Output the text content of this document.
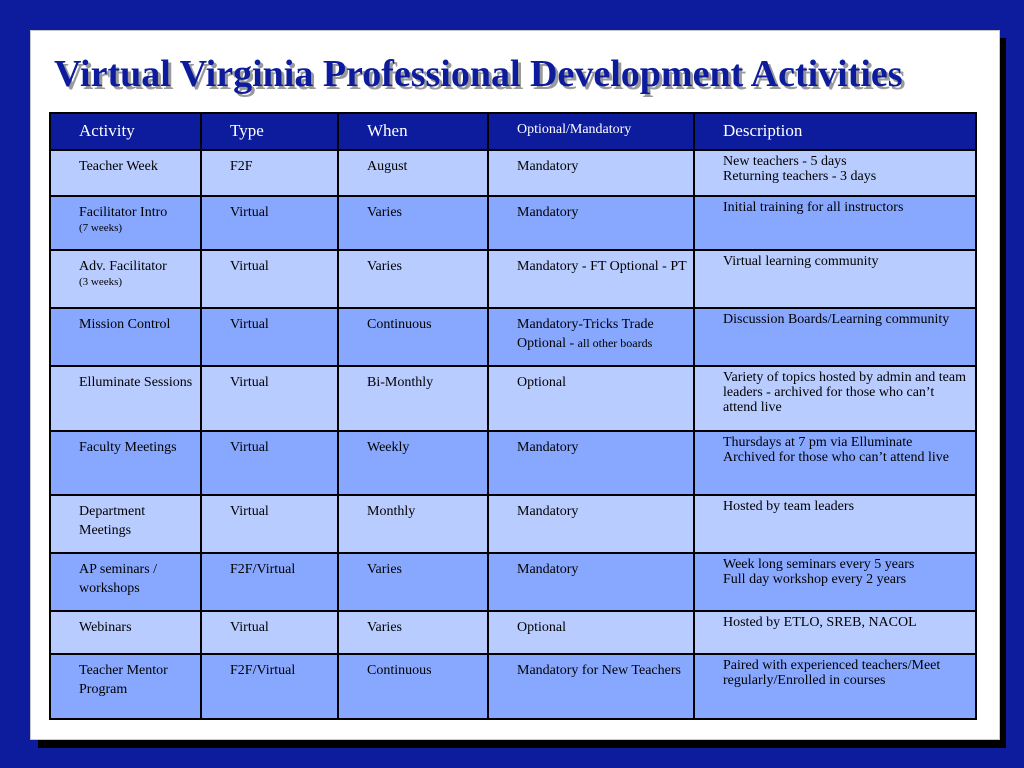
Virtual Virginia Professional Development Activities
Activity	Type	When	Optional/Mandatory	Description
Teacher Week	F2F	August	Mandatory	New teachers - 5 days
Returning teachers - 3 days

Facilitator Intro
(7 weeks)	Virtual	Varies	Mandatory	Initial training for all instructors

Adv. Facilitator
(3 weeks)	Virtual	Varies	Mandatory - FT Optional - PT	Virtual learning community

Mission Control	Virtual	Continuous	Mandatory-Tricks Trade Optional - all other boards	Discussion Boards/Learning community

Elluminate Sessions	Virtual	Bi-Monthly	Optional	Variety of topics hosted by admin and team leaders - archived for those who can’t attend live

Faculty Meetings	Virtual	Weekly	Mandatory	Thursdays at 7 pm via Elluminate
Archived for those who can’t attend live

Department Meetings	Virtual	Monthly	Mandatory	Hosted by team leaders

AP seminars / workshops	F2F/Virtual	Varies	Mandatory	Week long seminars every 5 years
Full day workshop every 2 years

Webinars	Virtual	Varies	Optional	Hosted by ETLO, SREB, NACOL

Teacher Mentor Program	F2F/Virtual	Continuous	Mandatory for New Teachers	Paired with experienced teachers/Meet regularly/Enrolled in courses
